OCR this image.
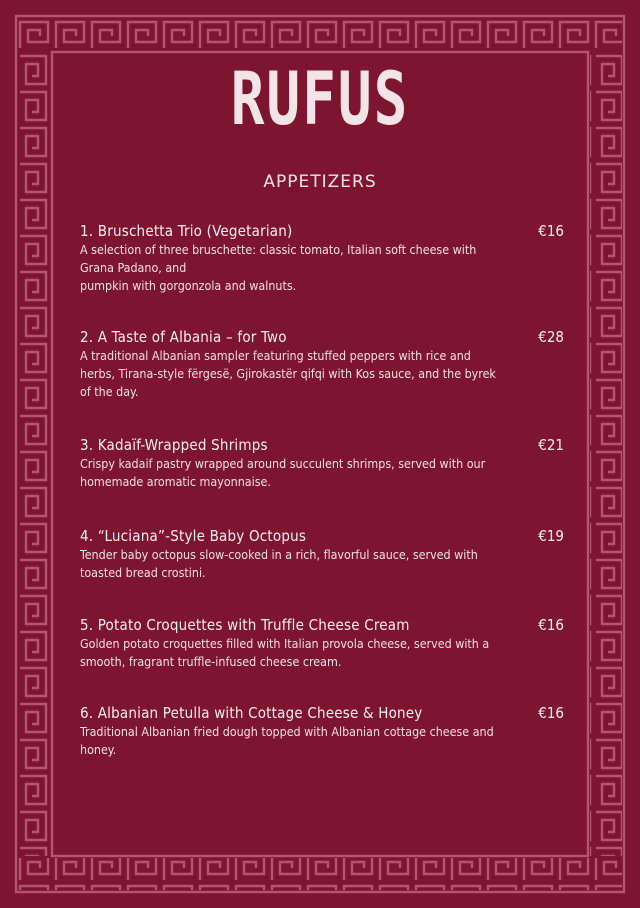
RUFUS
APPETIZERS
1. Bruschetta Trio (Vegetarian)	€16
A selection of three bruschette: classic tomato, Italian soft cheese with Grana Padano, and
pumpkin with gorgonzola and walnuts.
2. A Taste of Albania – for Two	€28
A traditional Albanian sampler featuring stuffed peppers with rice and herbs, Tirana-style fërgesë, Gjirokastër qifqi with Kos sauce, and the byrek of the day.
3. Kadaïf-Wrapped Shrimps	€21
Crispy kadaif pastry wrapped around succulent shrimps, served with our homemade aromatic mayonnaise.
4. “Luciana”-Style Baby Octopus	€19
Tender baby octopus slow-cooked in a rich, flavorful sauce, served with toasted bread crostini.
5. Potato Croquettes with Truffle Cheese Cream	€16
Golden potato croquettes filled with Italian provola cheese, served with a smooth, fragrant truffle-infused cheese cream.
6. Albanian Petulla with Cottage Cheese & Honey	€16
Traditional Albanian fried dough topped with Albanian cottage cheese and honey.
